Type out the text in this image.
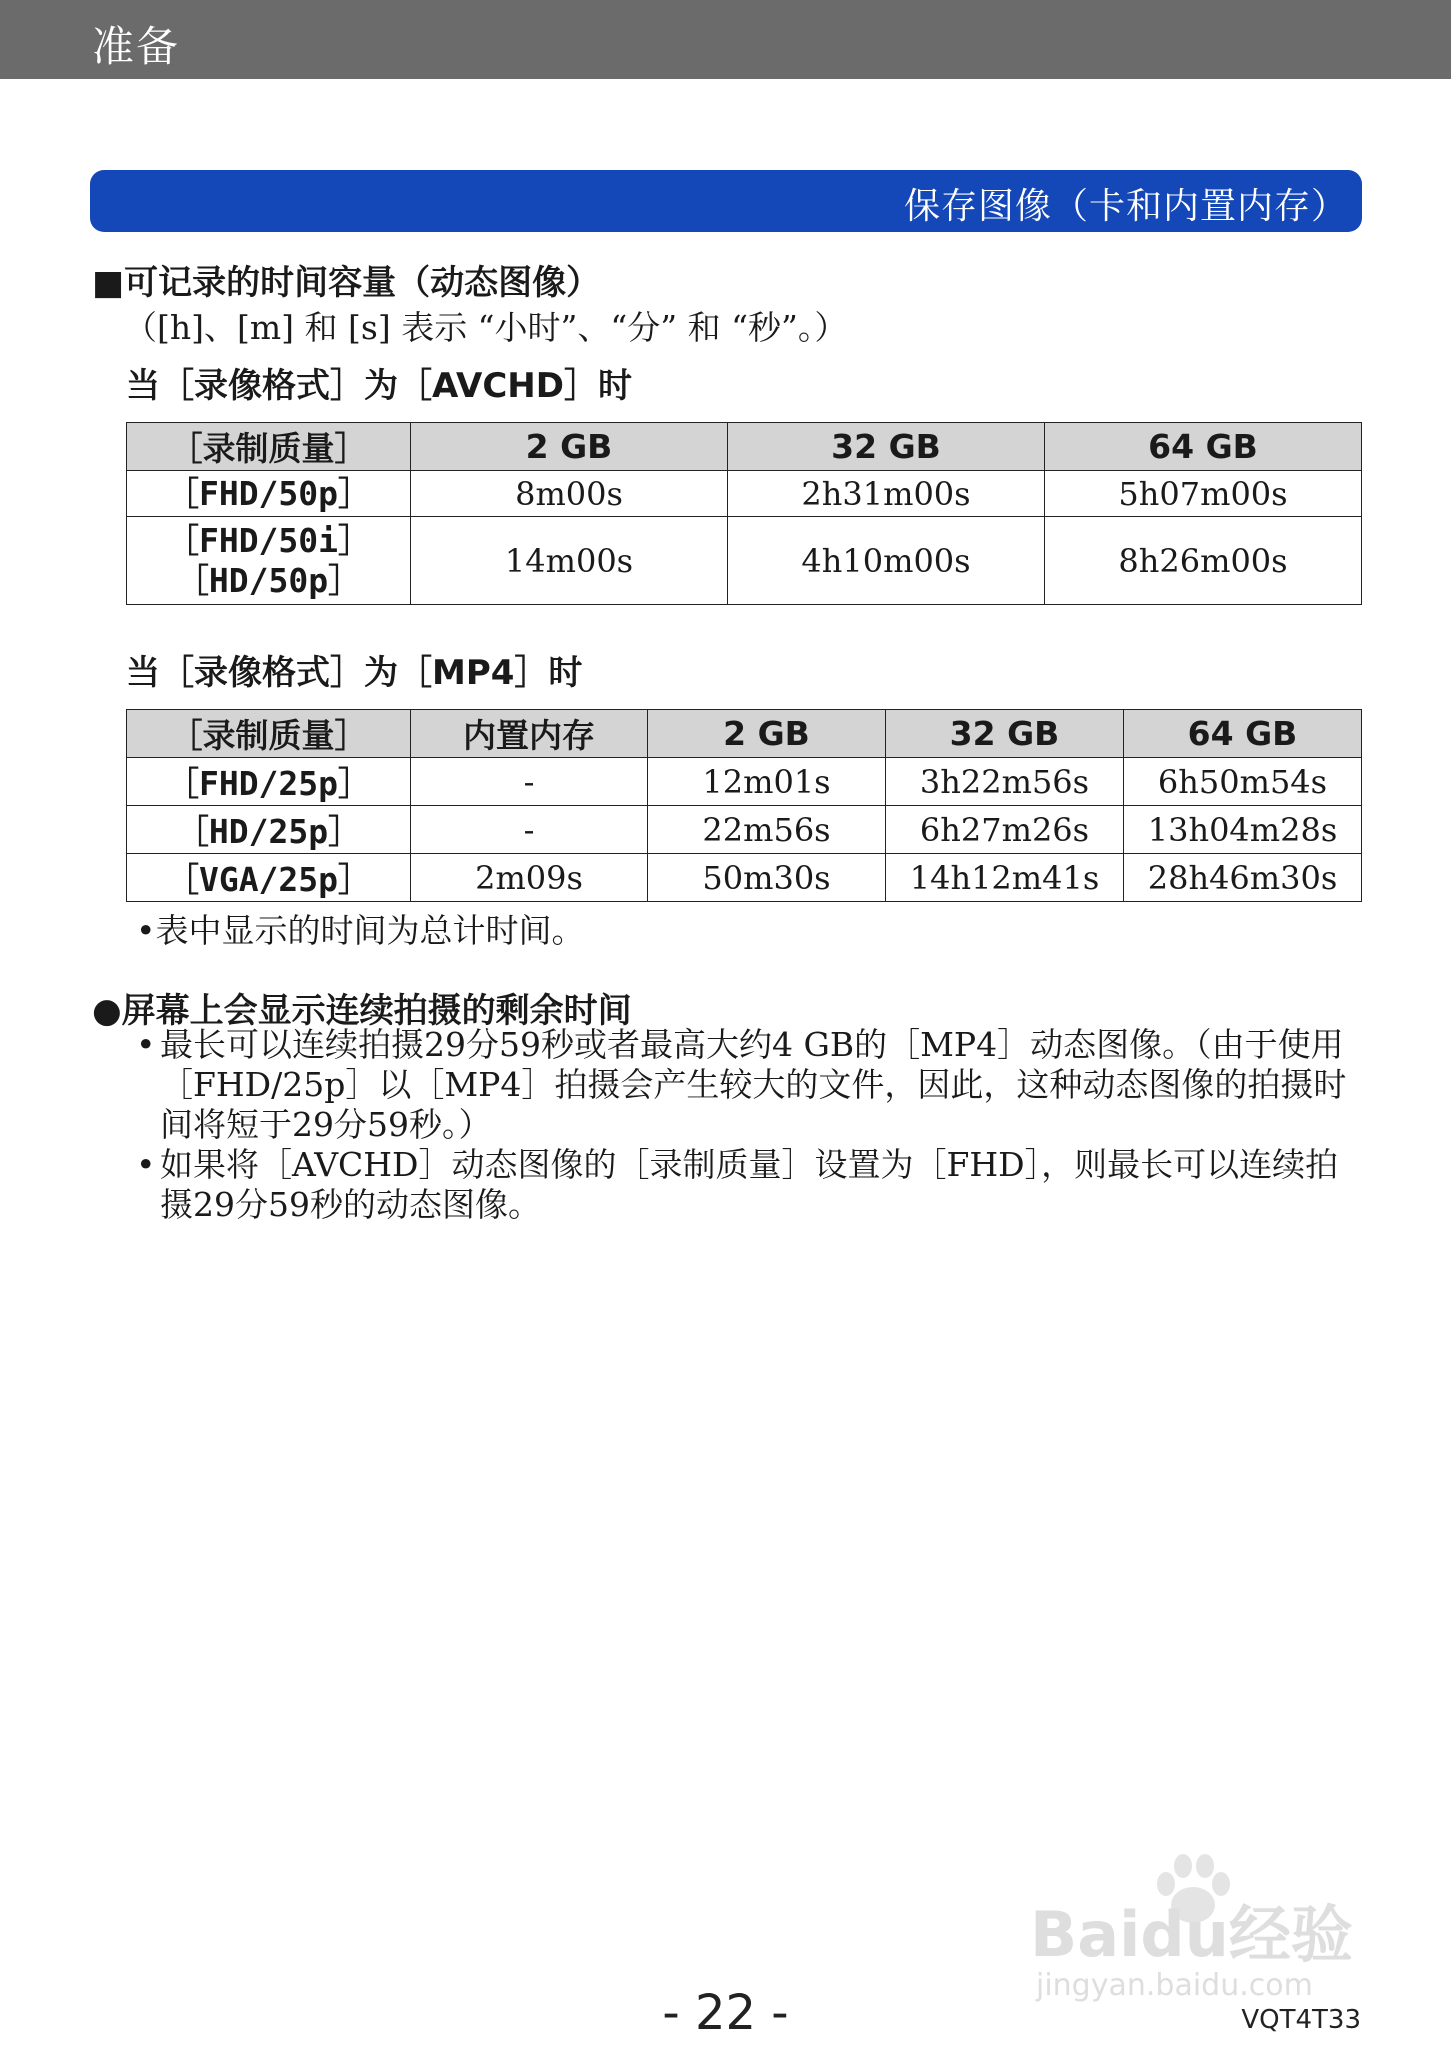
准备
保存图像（卡和内置内存）
■可记录的时间容量（动态图像）
（[h]、[m] 和 [s] 表示 “小时”、“分” 和 “秒”。）
当［录像格式］为［AVCHD］时
［录制质量］	2 GB	32 GB	64 GB

［FHD/50p］	8m00s	2h31m00s	5h07m00s

［FHD/50i］
［HD/50p］	14m00s	4h10m00s	8h26m00s
当［录像格式］为［MP4］时
［录制质量］	内置内存	2 GB	32 GB	64 GB
［FHD/25p］	-	12m01s	3h22m56s	6h50m54s
［HD/25p］	-	22m56s	6h27m26s	13h04m28s
［VGA/25p］	2m09s	50m30s	14h12m41s	28h46m30s
•表中显示的时间为总计时间。
●屏幕上会显示连续拍摄的剩余时间
• 最长可以连续拍摄29分59秒或者最高大约4 GB的［MP4］动态图像。（由于使用［FHD/25p］以［MP4］拍摄会产生较大的文件，因此，这种动态图像的拍摄时间将短于29分59秒。）
• 如果将［AVCHD］动态图像的［录制质量］设置为［FHD］，则最长可以连续拍摄29分59秒的动态图像。
Baidu经验
jingyan.baidu.com
- 22 -	VQT4T33
